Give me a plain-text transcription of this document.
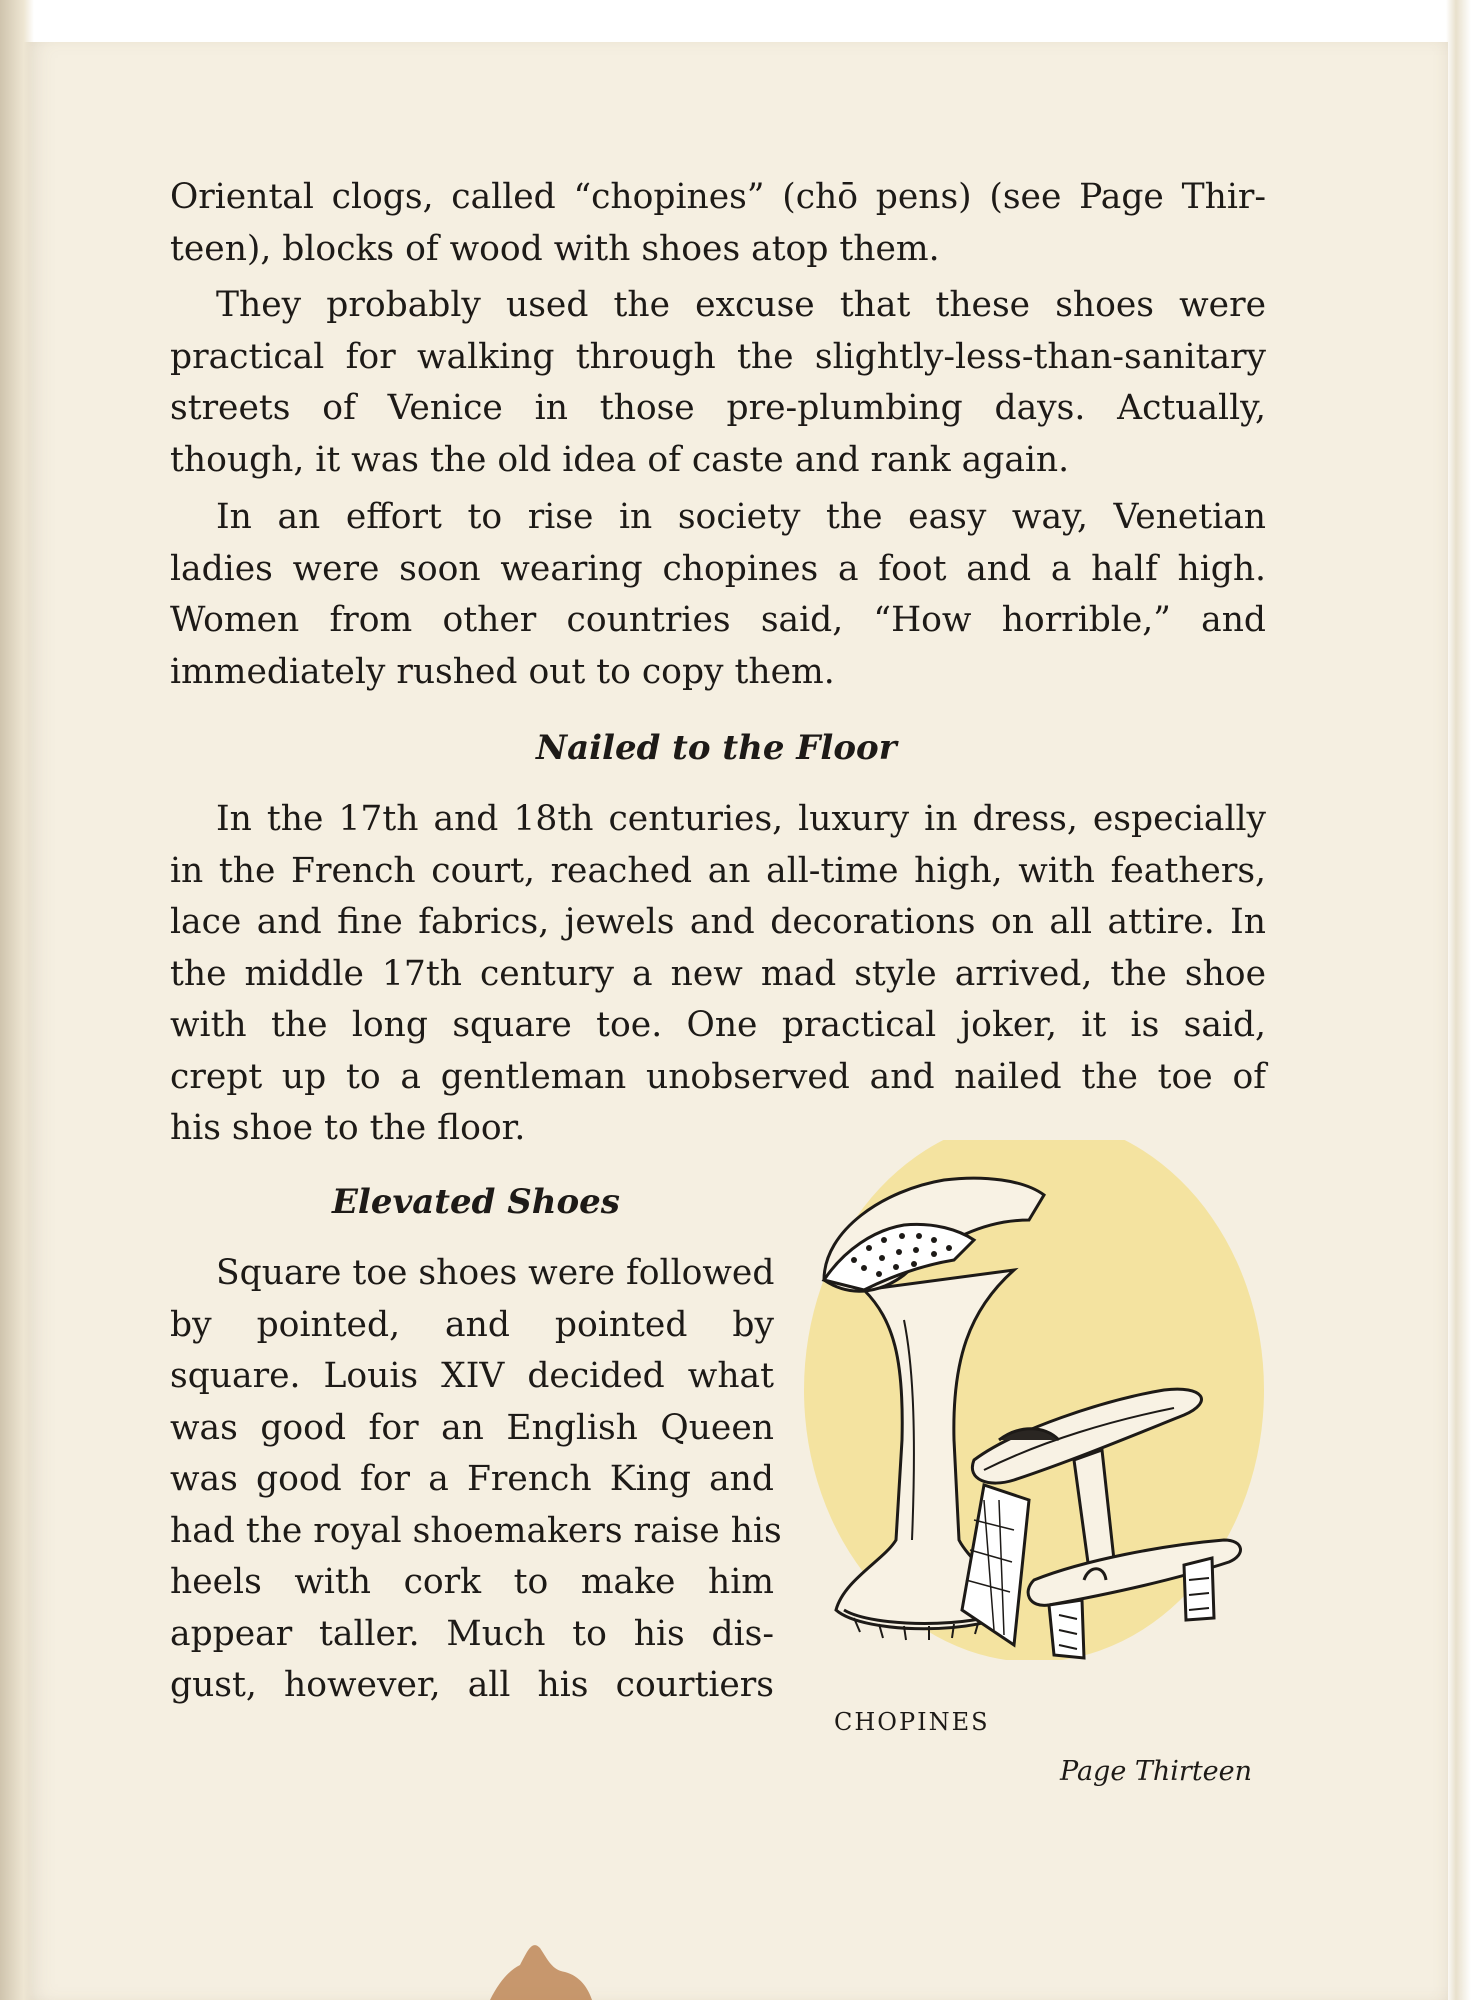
Oriental clogs, called “chopines” (chō pens) (see Page Thir-
teen), blocks of wood with shoes atop them.
They probably used the excuse that these shoes were
practical for walking through the slightly-less-than-sanitary
streets of Venice in those pre-plumbing days. Actually,
though, it was the old idea of caste and rank again.
In an effort to rise in society the easy way, Venetian
ladies were soon wearing chopines a foot and a half high.
Women from other countries said, “How horrible,” and
immediately rushed out to copy them.
Nailed to the Floor
In the 17th and 18th centuries, luxury in dress, especially
in the French court, reached an all-time high, with feathers,
lace and fine fabrics, jewels and decorations on all attire. In
the middle 17th century a new mad style arrived, the shoe
with the long square toe. One practical joker, it is said,
crept up to a gentleman unobserved and nailed the toe of
his shoe to the floor.
Elevated Shoes
Square toe shoes were followed
by pointed, and pointed by
square. Louis XIV decided what
was good for an English Queen
was good for a French King and
had the royal shoemakers raise his
heels with cork to make him
appear taller. Much to his dis-
gust, however, all his courtiers
CHOPINES
Page Thirteen
